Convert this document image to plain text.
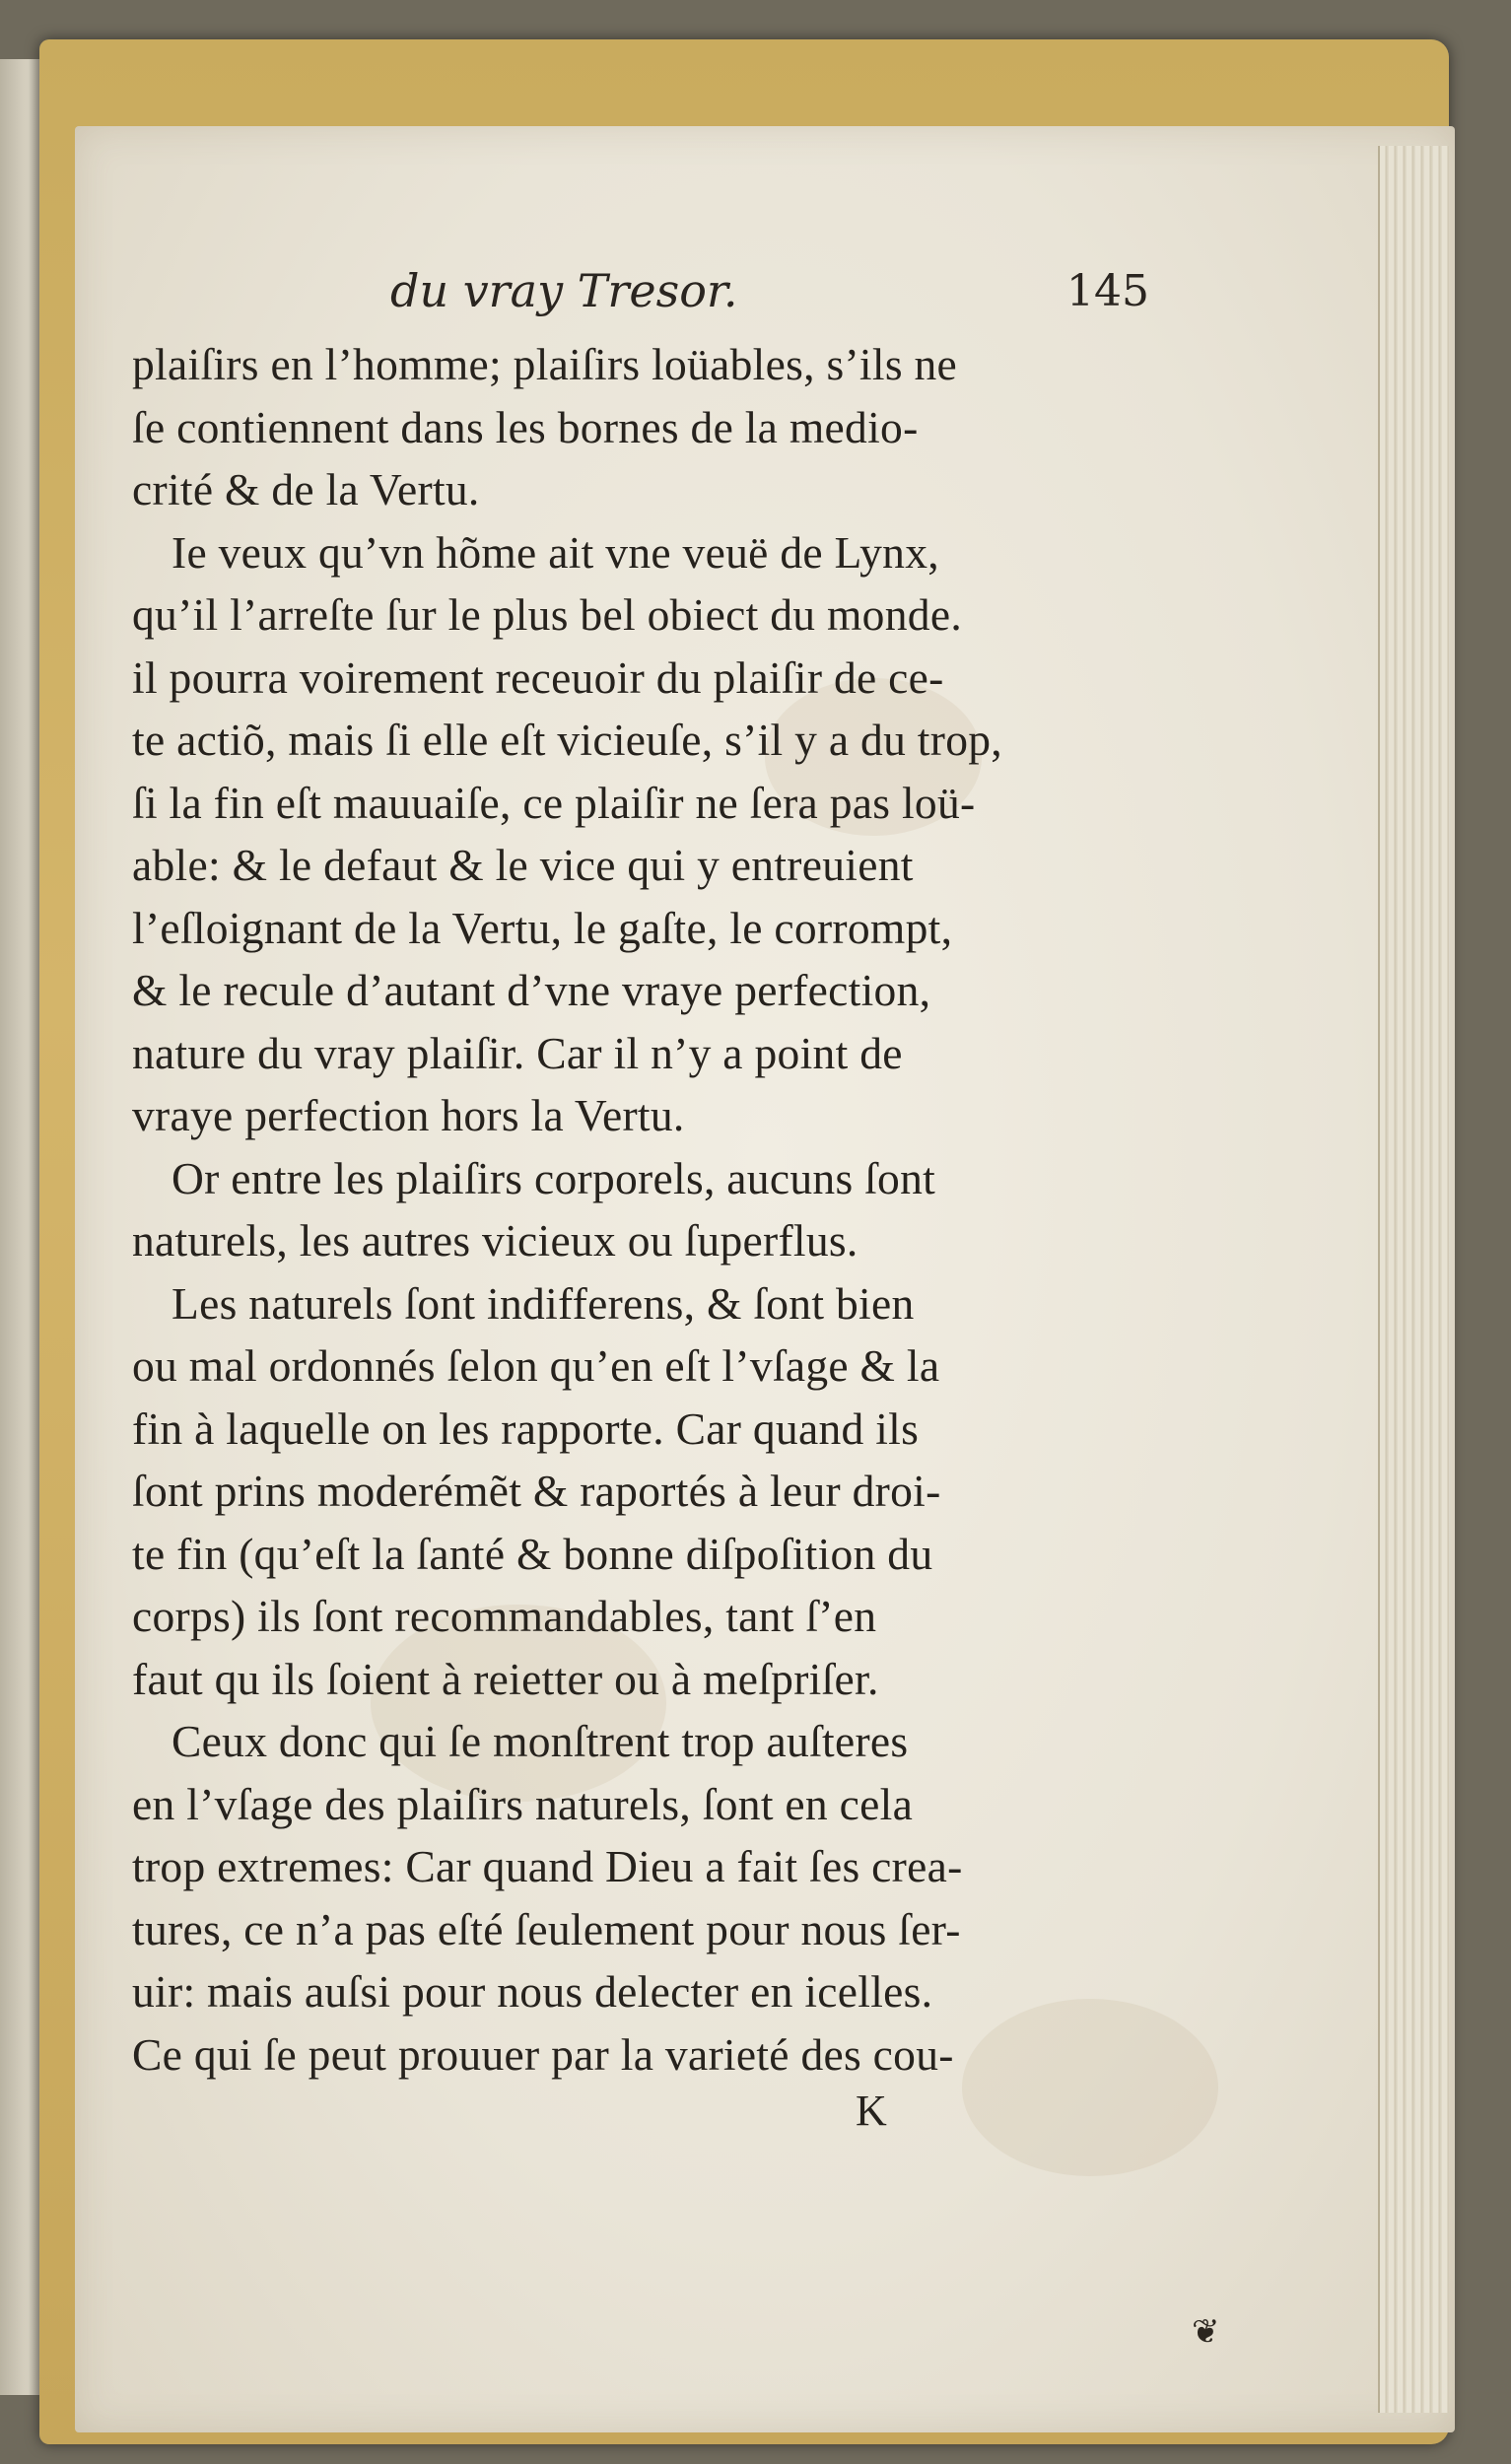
du vray Tresor.	145
plaiſirs en l’homme; plaiſirs loüables, s’ils ne
ſe contiennent dans les bornes de la medio-
crité & de la Vertu.
Ie veux qu’vn hõme ait vne veuë de Lynx,
qu’il l’arreſte ſur le plus bel obiect du monde.
il pourra voirement receuoir du plaiſir de ce-
te actiõ, mais ſi elle eſt vicieuſe, s’il y a du trop,
ſi la fin eſt mauuaiſe, ce plaiſir ne ſera pas loü-
able: & le defaut & le vice qui y entreuient
l’eſloignant de la Vertu, le gaſte, le corrompt,
& le recule d’autant d’vne vraye perfection,
nature du vray plaiſir. Car il n’y a point de
vraye perfection hors la Vertu.
Or entre les plaiſirs corporels, aucuns ſont
naturels, les autres vicieux ou ſuperflus.
Les naturels ſont indifferens, & ſont bien
ou mal ordonnés ſelon qu’en eſt l’vſage & la
fin à laquelle on les rapporte. Car quand ils
ſont prins moderémẽt & raportés à leur droi-
te fin (qu’eſt la ſanté & bonne diſpoſition du
corps) ils ſont recommandables, tant ſ’en
faut qu ils ſoient à reietter ou à meſpriſer.
Ceux donc qui ſe monſtrent trop auſteres
en l’vſage des plaiſirs naturels, ſont en cela
trop extremes: Car quand Dieu a fait ſes crea-
tures, ce n’a pas eſté ſeulement pour nous ſer-
uir: mais auſsi pour nous delecter en icelles.
Ce qui ſe peut prouuer par la varieté des cou-
K
❦
